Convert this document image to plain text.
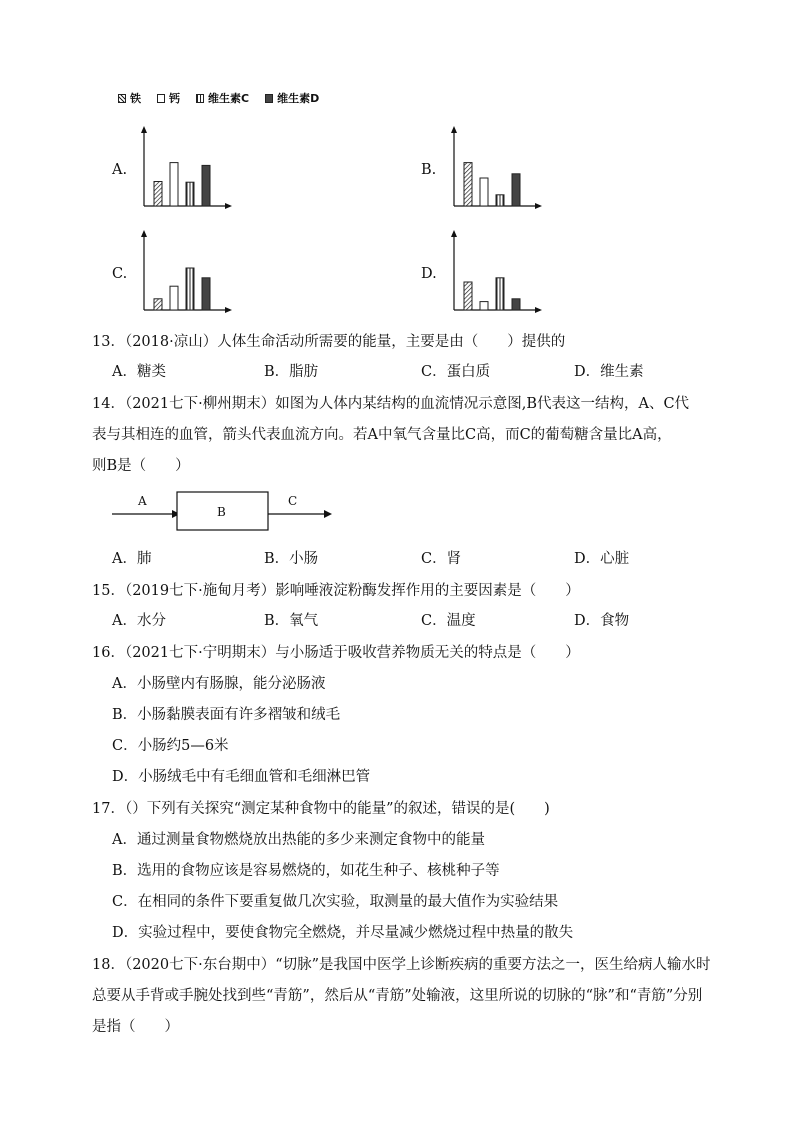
铁	钙	维生素C	维生素D
A.	B.
C.	D.
13．（2018·凉山）人体生命活动所需要的能量，主要是由（　　）提供的
A．糖类	B．脂肪	C．蛋白质	D．维生素
14．（2021七下·柳州期末）如图为人体内某结构的血流情况示意图,B代表这一结构，A、C代
表与其相连的血管，箭头代表血流方向。若A中氧气含量比C高，而C的葡萄糖含量比A高，
则B是（　　）
A
B
C
A．肺	B．小肠	C．肾	D．心脏
15．（2019七下·施甸月考）影响唾液淀粉酶发挥作用的主要因素是（　　）
A．水分	B．氧气	C．温度	D．食物
16．（2021七下·宁明期末）与小肠适于吸收营养物质无关的特点是（　　）
A．小肠壁内有肠腺，能分泌肠液
B．小肠黏膜表面有许多褶皱和绒毛
C．小肠约5—6米
D．小肠绒毛中有毛细血管和毛细淋巴管
17．（）下列有关探究“测定某种食物中的能量”的叙述，错误的是(　　)
A．通过测量食物燃烧放出热能的多少来测定食物中的能量
B．选用的食物应该是容易燃烧的，如花生种子、核桃种子等
C．在相同的条件下要重复做几次实验，取测量的最大值作为实验结果
D．实验过程中，要使食物完全燃烧，并尽量减少燃烧过程中热量的散失
18．（2020七下·东台期中）“切脉”是我国中医学上诊断疾病的重要方法之一，医生给病人输水时
总要从手背或手腕处找到些“青筋”，然后从“青筋”处输液，这里所说的切脉的“脉”和“青筋”分别
是指（　　）
